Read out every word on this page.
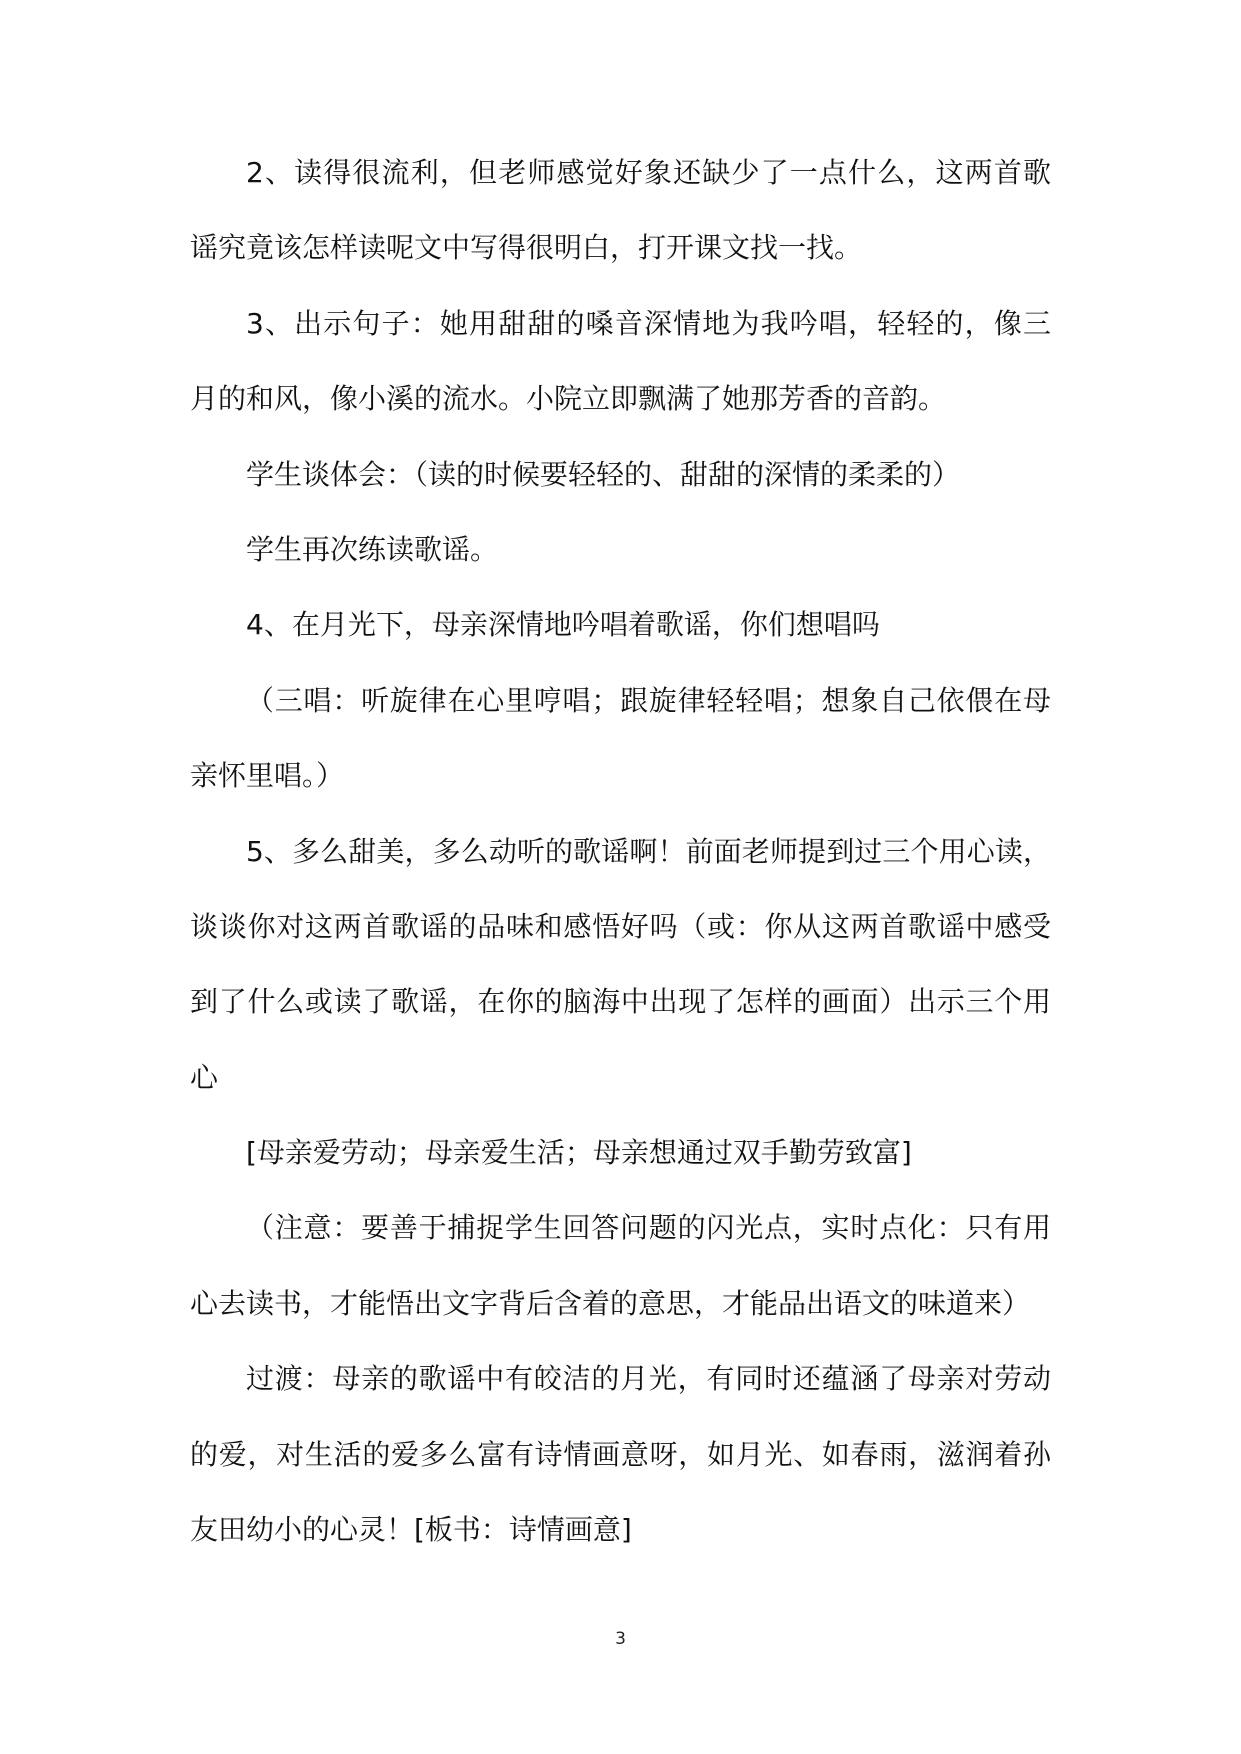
2、读得很流利，但老师感觉好象还缺少了一点什么，这两首歌
谣究竟该怎样读呢文中写得很明白，打开课文找一找。
3、出示句子：她用甜甜的嗓音深情地为我吟唱，轻轻的，像三
月的和风，像小溪的流水。小院立即飘满了她那芳香的音韵。
学生谈体会：（读的时候要轻轻的、甜甜的深情的柔柔的）
学生再次练读歌谣。
4、在月光下，母亲深情地吟唱着歌谣，你们想唱吗
（三唱：听旋律在心里哼唱；跟旋律轻轻唱；想象自己依偎在母
亲怀里唱。）
5、多么甜美，多么动听的歌谣啊！前面老师提到过三个用心读，
谈谈你对这两首歌谣的品味和感悟好吗（或：你从这两首歌谣中感受
到了什么或读了歌谣，在你的脑海中出现了怎样的画面）出示三个用
心
[母亲爱劳动；母亲爱生活；母亲想通过双手勤劳致富]
（注意：要善于捕捉学生回答问题的闪光点，实时点化：只有用
心去读书，才能悟出文字背后含着的意思，才能品出语文的味道来）
过渡：母亲的歌谣中有皎洁的月光，有同时还蕴涵了母亲对劳动
的爱，对生活的爱多么富有诗情画意呀，如月光、如春雨，滋润着孙
友田幼小的心灵！[板书：诗情画意]
3
